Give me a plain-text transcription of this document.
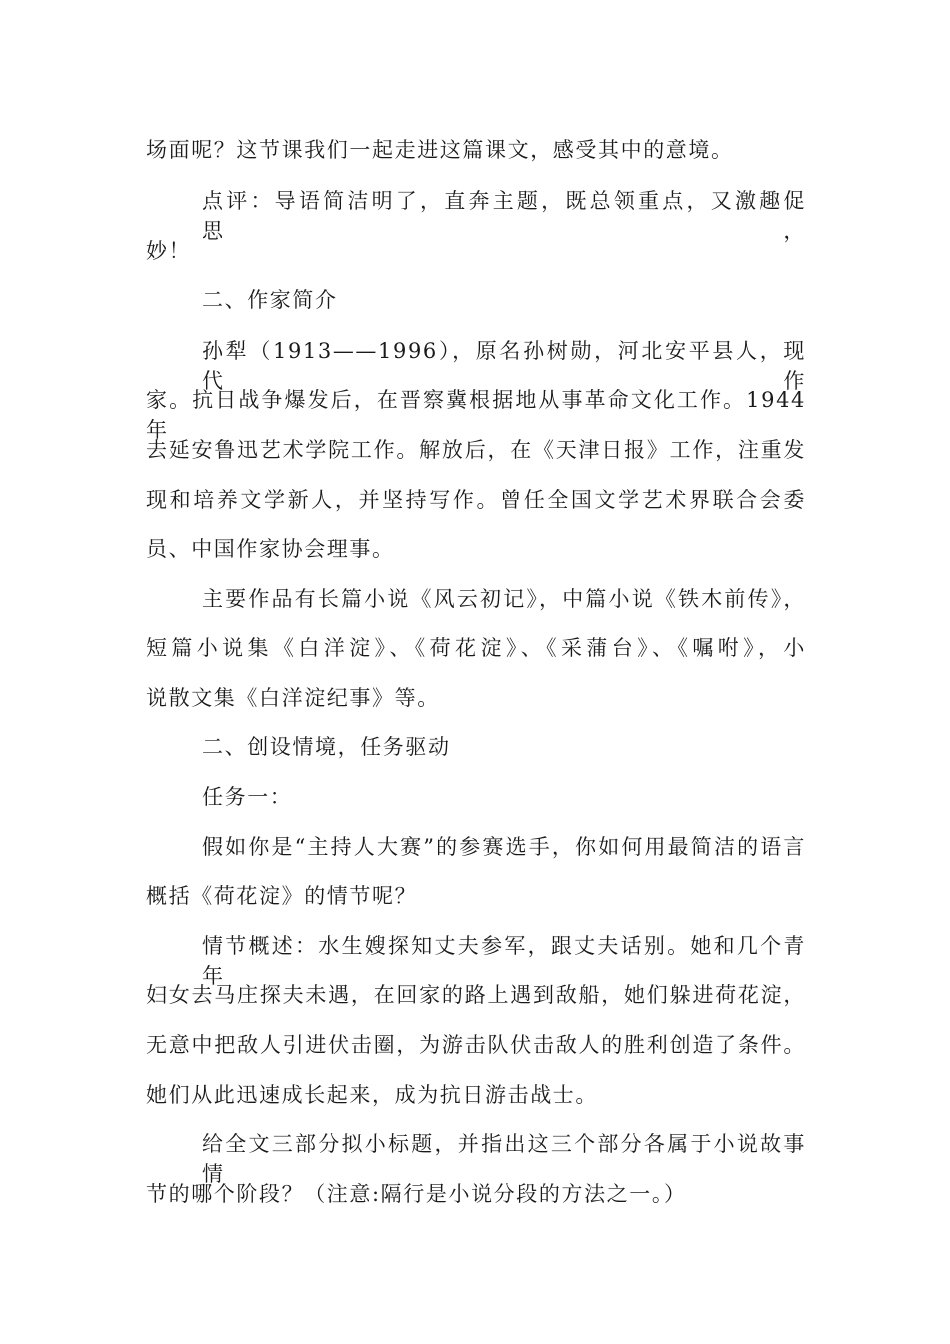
场面呢？这节课我们一起走进这篇课文，感受其中的意境。
点评：导语简洁明了，直奔主题，既总领重点，又激趣促思，
妙！
二、作家简介
孙犁（1913——1996），原名孙树勋，河北安平县人，现代作
家。抗日战争爆发后，在晋察冀根据地从事革命文化工作。1944 年
去延安鲁迅艺术学院工作。解放后，在《天津日报》工作，注重发
现和培养文学新人，并坚持写作。曾任全国文学艺术界联合会委
员、中国作家协会理事。
主要作品有长篇小说《风云初记》，中篇小说《铁木前传》，
短篇小说集《白洋淀》、《荷花淀》、《采蒲台》、《嘱咐》，小
说散文集《白洋淀纪事》等。
二、创设情境，任务驱动
任务一：
假如你是“主持人大赛”的参赛选手，你如何用最简洁的语言
概括《荷花淀》的情节呢？
情节概述：水生嫂探知丈夫参军，跟丈夫话别。她和几个青年
妇女去马庄探夫未遇，在回家的路上遇到敌船，她们躲进荷花淀，
无意中把敌人引进伏击圈，为游击队伏击敌人的胜利创造了条件。
她们从此迅速成长起来，成为抗日游击战士。
给全文三部分拟小标题，并指出这三个部分各属于小说故事情
节的哪个阶段？（注意:隔行是小说分段的方法之一。）
